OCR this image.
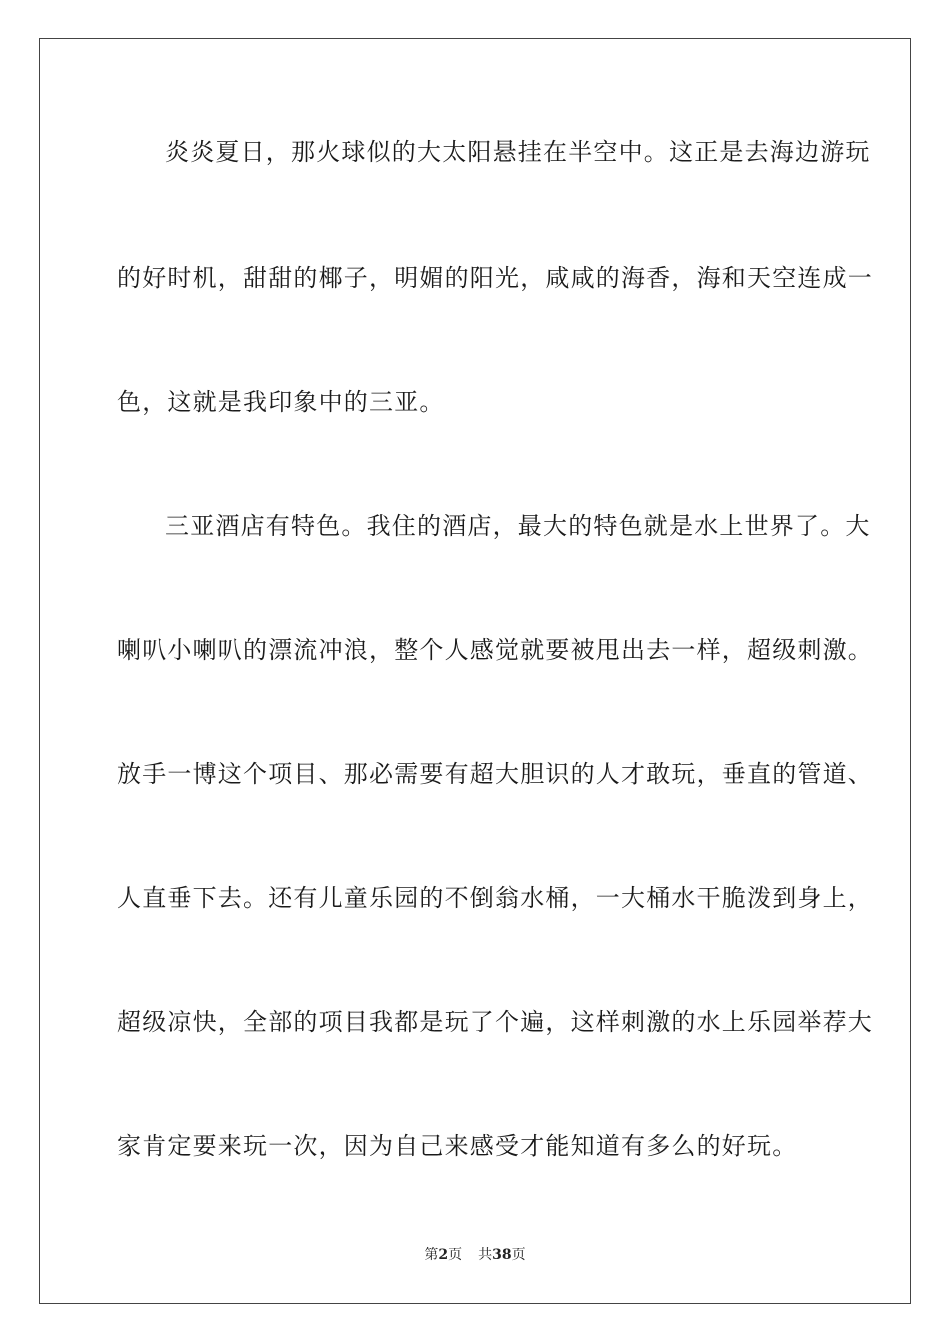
炎炎夏日，那火球似的大太阳悬挂在半空中。这正是去海边游玩
的好时机，甜甜的椰子，明媚的阳光，咸咸的海香，海和天空连成一
色，这就是我印象中的三亚。
三亚酒店有特色。我住的酒店，最大的特色就是水上世界了。大
喇叭小喇叭的漂流冲浪，整个人感觉就要被甩出去一样，超级刺激。
放手一博这个项目、那必需要有超大胆识的人才敢玩，垂直的管道、
人直垂下去。还有儿童乐园的不倒翁水桶，一大桶水干脆泼到身上，
超级凉快，全部的项目我都是玩了个遍，这样刺激的水上乐园举荐大
家肯定要来玩一次，因为自己来感受才能知道有多么的好玩。
第2页 共38页
